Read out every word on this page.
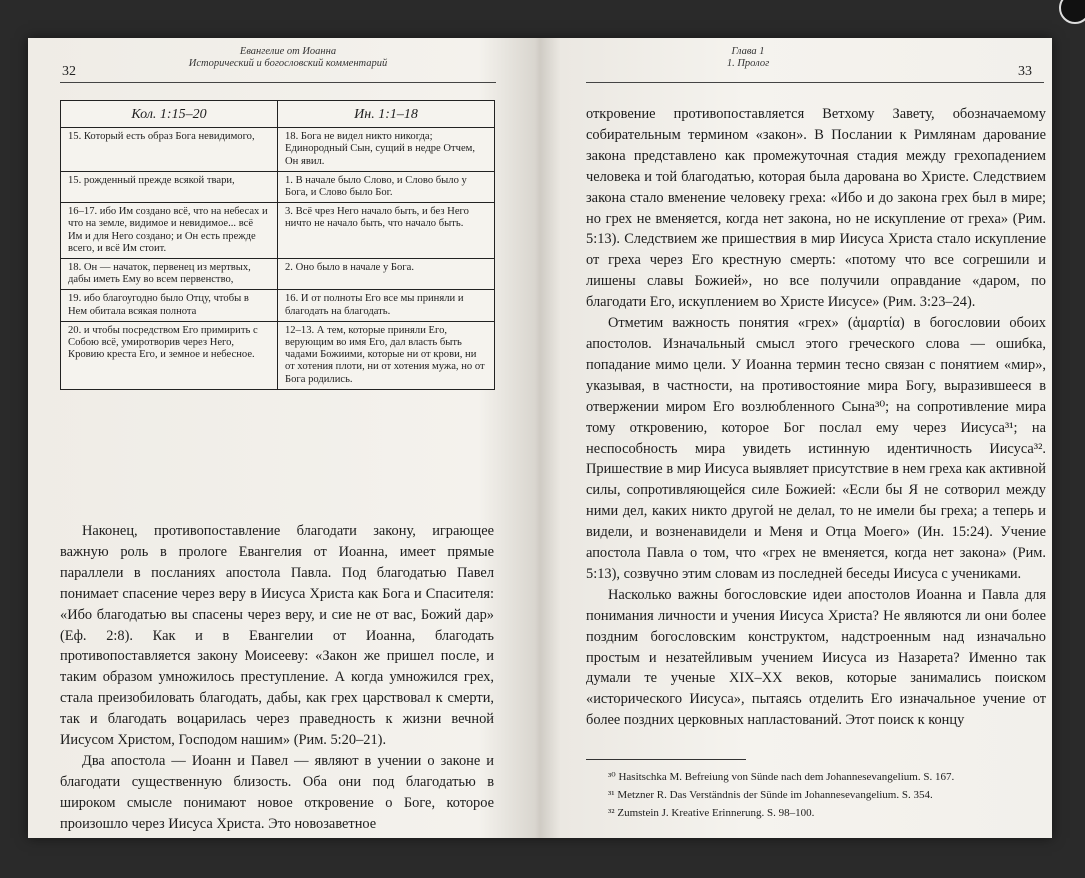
Евангелие от Иоанна
Исторический и богословский комментарий
32
Кол. 1:15–20	Ин. 1:1–18
15. Который есть образ Бога невидимого,	18. Бога не видел никто никогда; Единородный Сын, сущий в недре Отчем, Он явил.
15. рожденный прежде всякой твари,	1. В начале было Слово, и Слово было у Бога, и Слово было Бог.
16–17. ибо Им создано всё, что на небесах и что на земле, видимое и невидимое... всё Им и для Него создано; и Он есть прежде всего, и всё Им стоит.	3. Всё чрез Него начало быть, и без Него ничто не начало быть, что начало быть.
18. Он — начаток, первенец из мертвых, дабы иметь Ему во всем первенство,	2. Оно было в начале у Бога.
19. ибо благоугодно было Отцу, чтобы в Нем обитала всякая полнота	16. И от полноты Его все мы приняли и благодать на благодать.
20. и чтобы посредством Его примирить с Собою всё, умиротворив через Него, Кровию креста Его, и земное и небесное.	12–13. А тем, которые приняли Его, верующим во имя Его, дал власть быть чадами Божиими, которые ни от крови, ни от хотения плоти, ни от хотения мужа, но от Бога родились.

Наконец, противопоставление благодати закону, играющее важную роль в прологе Евангелия от Иоанна, имеет прямые параллели в посланиях апостола Павла. Под благодатью Павел понимает спасение через веру в Иисуса Христа как Бога и Спасителя: «Ибо благодатью вы спасены через веру, и сие не от вас, Божий дар» (Еф. 2:8). Как и в Евангелии от Иоанна, благодать противопоставляется закону Моисееву: «Закон же пришел после, и таким образом умножилось преступление. А когда умножился грех, стала преизобиловать благодать, дабы, как грех царствовал к смерти, так и благодать воцарилась через праведность к жизни вечной Иисусом Христом, Господом нашим» (Рим. 5:20–21).

Два апостола — Иоанн и Павел — являют в учении о законе и благодати существенную близость. Оба они под благодатью в широком смысле понимают новое откровение о Боге, которое произошло через Иисуса Христа. Это новозаветное

Глава 1
1. Пролог
33

откровение противопоставляется Ветхому Завету, обозначаемому собирательным термином «закон». В Послании к Римлянам дарование закона представлено как промежуточная стадия между грехопадением человека и той благодатью, которая была дарована во Христе. Следствием закона стало вменение человеку греха: «Ибо и до закона грех был в мире; но грех не вменяется, когда нет закона, но не искупление от греха» (Рим. 5:13). Следствием же пришествия в мир Иисуса Христа стало искупление от греха через Его крестную смерть: «потому что все согрешили и лишены славы Божией», но все получили оправдание «даром, по благодати Его, искуплением во Христе Иисусе» (Рим. 3:23–24).

Отметим важность понятия «грех» (ἁμαρτία) в богословии обоих апостолов. Изначальный смысл этого греческого слова — ошибка, попадание мимо цели. У Иоанна термин тесно связан с понятием «мир», указывая, в частности, на противостояние мира Богу, выразившееся в отвержении миром Его возлюбленного Сына³⁰; на сопротивление мира тому откровению, которое Бог послал ему через Иисуса³¹; на неспособность мира увидеть истинную идентичность Иисуса³². Пришествие в мир Иисуса выявляет присутствие в нем греха как активной силы, сопротивляющейся силе Божией: «Если бы Я не сотворил между ними дел, каких никто другой не делал, то не имели бы греха; а теперь и видели, и возненавидели и Меня и Отца Моего» (Ин. 15:24). Учение апостола Павла о том, что «грех не вменяется, когда нет закона» (Рим. 5:13), созвучно этим словам из последней беседы Иисуса с учениками.

Насколько важны богословские идеи апостолов Иоанна и Павла для понимания личности и учения Иисуса Христа? Не являются ли они более поздним богословским конструктом, надстроенным над изначально простым и незатейливым учением Иисуса из Назарета? Именно так думали те ученые XIX–XX веков, которые занимались поиском «исторического Иисуса», пытаясь отделить Его изначальное учение от более поздних церковных напластований. Этот поиск к концу

³⁰ Hasitschka M. Befreiung von Sünde nach dem Johannesevangelium. S. 167.
³¹ Metzner R. Das Verständnis der Sünde im Johannesevangelium. S. 354.
³² Zumstein J. Kreative Erinnerung. S. 98–100.
